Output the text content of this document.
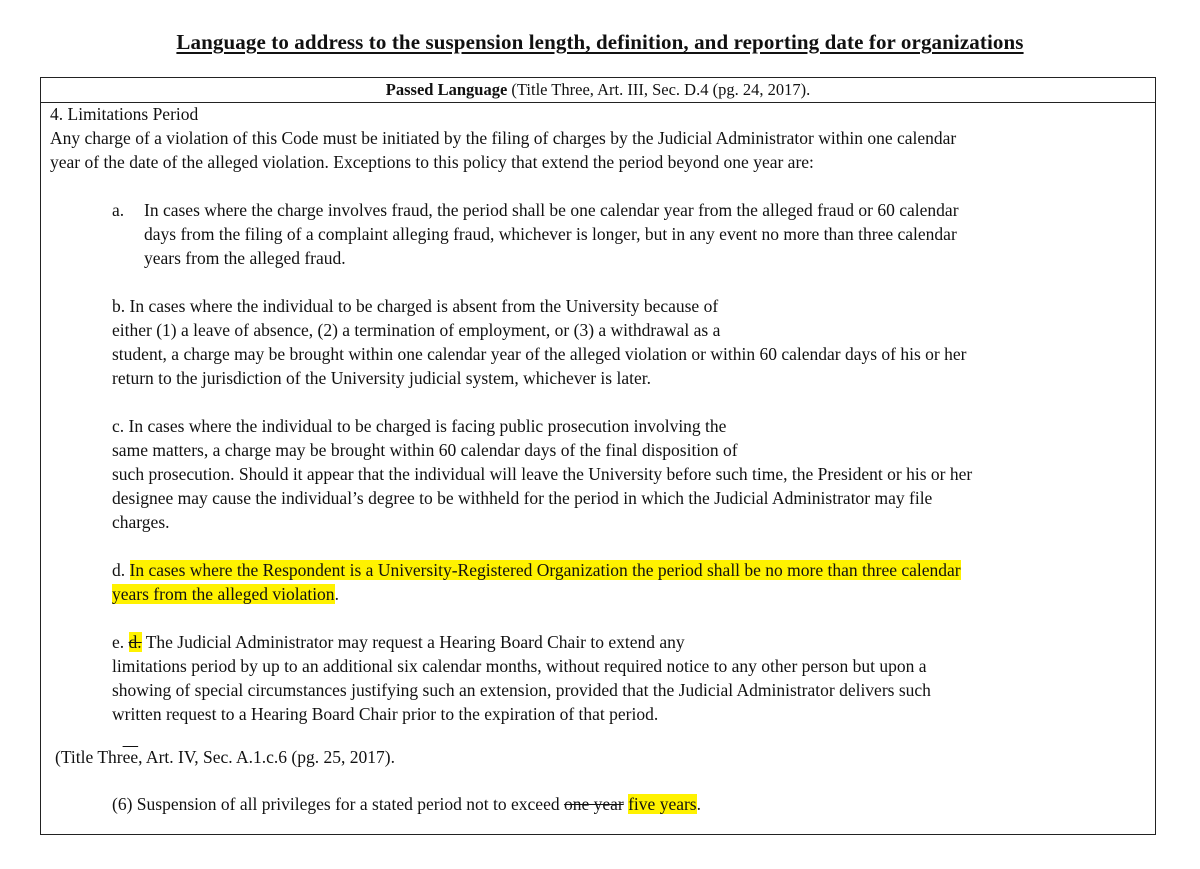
Language to address to the suspension length, definition, and reporting date for organizations
Passed Language (Title Three, Art. III, Sec. D.4 (pg. 24, 2017).
4. Limitations Period
Any charge of a violation of this Code must be initiated by the filing of charges by the Judicial Administrator within one calendar
year of the date of the alleged violation. Exceptions to this policy that extend the period beyond one year are:
a. In cases where the charge involves fraud, the period shall be one calendar year from the alleged fraud or 60 calendar
days from the filing of a complaint alleging fraud, whichever is longer, but in any event no more than three calendar
years from the alleged fraud.
b. In cases where the individual to be charged is absent from the University because of
either (1) a leave of absence, (2) a termination of employment, or (3) a withdrawal as a
student, a charge may be brought within one calendar year of the alleged violation or within 60 calendar days of his or her
return to the jurisdiction of the University judicial system, whichever is later.
c. In cases where the individual to be charged is facing public prosecution involving the
same matters, a charge may be brought within 60 calendar days of the final disposition of
such prosecution. Should it appear that the individual will leave the University before such time, the President or his or her
designee may cause the individual’s degree to be withheld for the period in which the Judicial Administrator may file
charges.
d. In cases where the Respondent is a University-Registered Organization the period shall be no more than three calendar
years from the alleged violation.
e. d. The Judicial Administrator may request a Hearing Board Chair to extend any
limitations period by up to an additional six calendar months, without required notice to any other person but upon a
showing of special circumstances justifying such an extension, provided that the Judicial Administrator delivers such
written request to a Hearing Board Chair prior to the expiration of that period.
(Title $Thr\overline{ee}$, Art. IV, Sec. A.1.c.6 (pg. 25, 2017).
(6) Suspension of all privileges for a stated period not to exceed one year five years.
